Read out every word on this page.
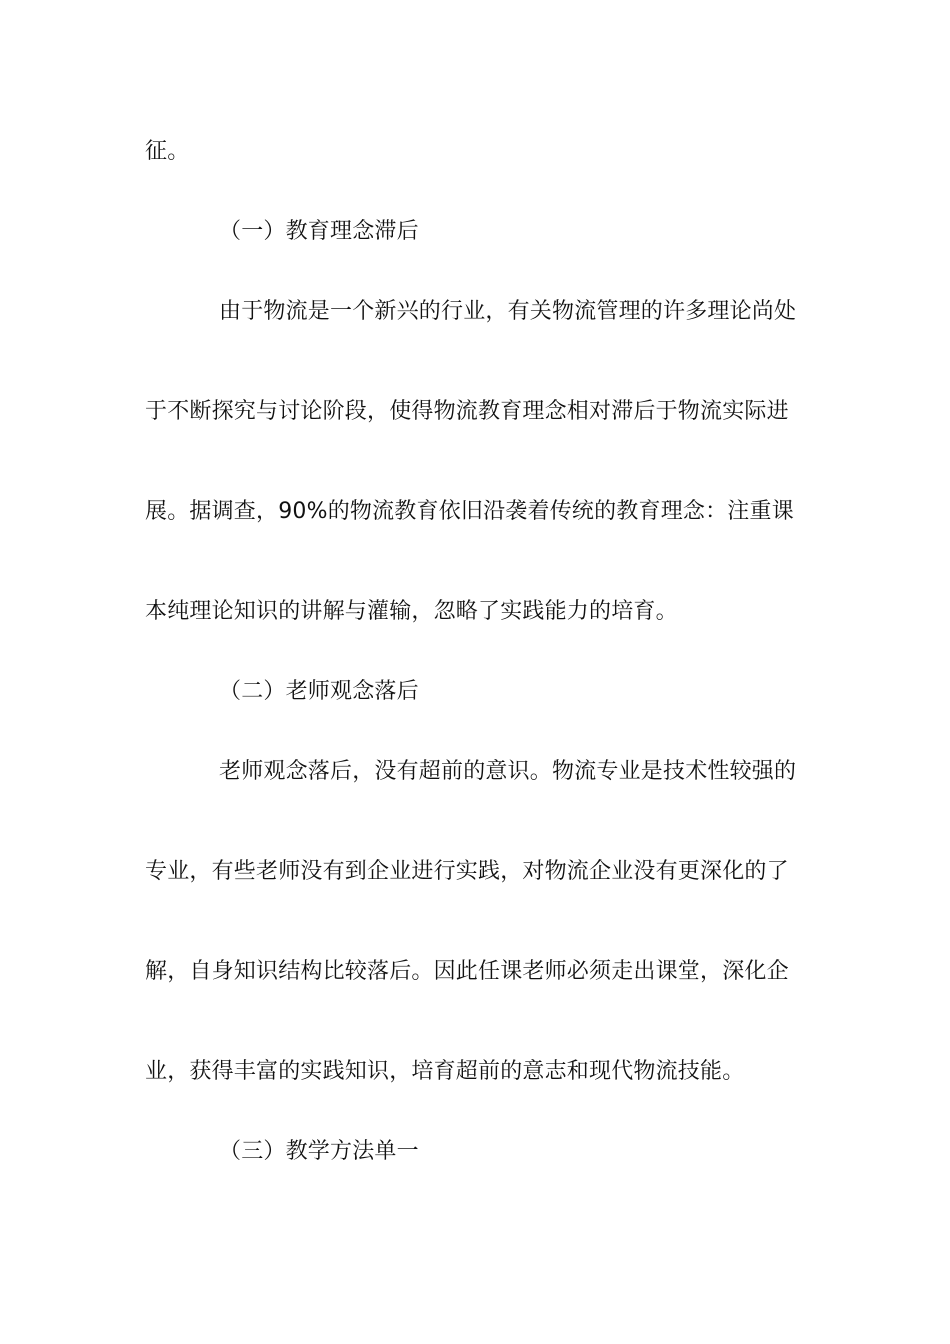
征。
（一）教育理念滞后
由于物流是一个新兴的行业，有关物流管理的许多理论尚处
于不断探究与讨论阶段，使得物流教育理念相对滞后于物流实际进
展。据调查，90%的物流教育依旧沿袭着传统的教育理念：注重课
本纯理论知识的讲解与灌输，忽略了实践能力的培育。
（二）老师观念落后
老师观念落后，没有超前的意识。物流专业是技术性较强的
专业，有些老师没有到企业进行实践，对物流企业没有更深化的了
解，自身知识结构比较落后。因此任课老师必须走出课堂，深化企
业，获得丰富的实践知识，培育超前的意志和现代物流技能。
（三）教学方法单一
